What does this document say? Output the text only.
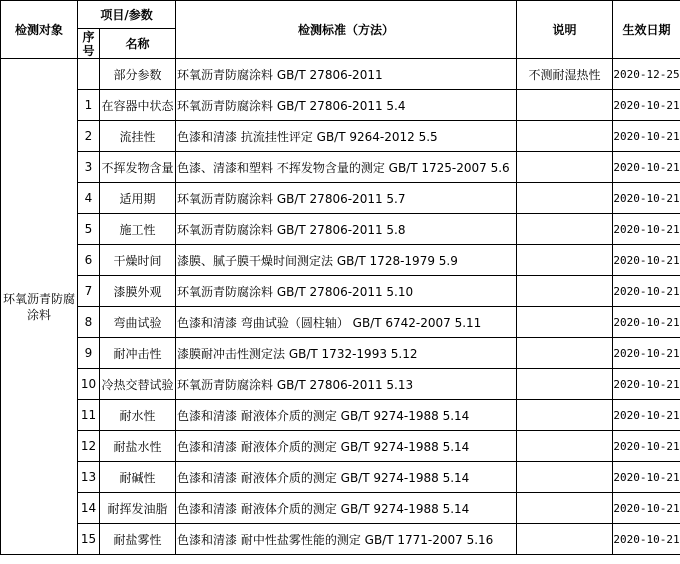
检测对象	项目/参数		检测标准（方法）	说明	生效日期
	序号	名称			
环氧沥青防腐涂料		部分参数	环氧沥青防腐涂料 GB/T 27806-2011	不测耐湿热性	2020-12-25
	1	在容器中状态	环氧沥青防腐涂料 GB/T 27806-2011 5.4		2020-10-21
	2	流挂性	色漆和清漆 抗流挂性评定 GB/T 9264-2012 5.5		2020-10-21
	3	不挥发物含量	色漆、清漆和塑料 不挥发物含量的测定 GB/T 1725-2007 5.6		2020-10-21
	4	适用期	环氧沥青防腐涂料 GB/T 27806-2011 5.7		2020-10-21
	5	施工性	环氧沥青防腐涂料 GB/T 27806-2011 5.8		2020-10-21
	6	干燥时间	漆膜、腻子膜干燥时间测定法 GB/T 1728-1979 5.9		2020-10-21
	7	漆膜外观	环氧沥青防腐涂料 GB/T 27806-2011 5.10		2020-10-21
	8	弯曲试验	色漆和清漆 弯曲试验（圆柱轴） GB/T 6742-2007 5.11		2020-10-21
	9	耐冲击性	漆膜耐冲击性测定法 GB/T 1732-1993 5.12		2020-10-21
	10	冷热交替试验	环氧沥青防腐涂料 GB/T 27806-2011 5.13		2020-10-21
	11	耐水性	色漆和清漆 耐液体介质的测定 GB/T 9274-1988 5.14		2020-10-21
	12	耐盐水性	色漆和清漆 耐液体介质的测定 GB/T 9274-1988 5.14		2020-10-21
	13	耐碱性	色漆和清漆 耐液体介质的测定 GB/T 9274-1988 5.14		2020-10-21
	14	耐挥发油脂	色漆和清漆 耐液体介质的测定 GB/T 9274-1988 5.14		2020-10-21
	15	耐盐雾性	色漆和清漆 耐中性盐雾性能的测定 GB/T 1771-2007 5.16		2020-10-21
